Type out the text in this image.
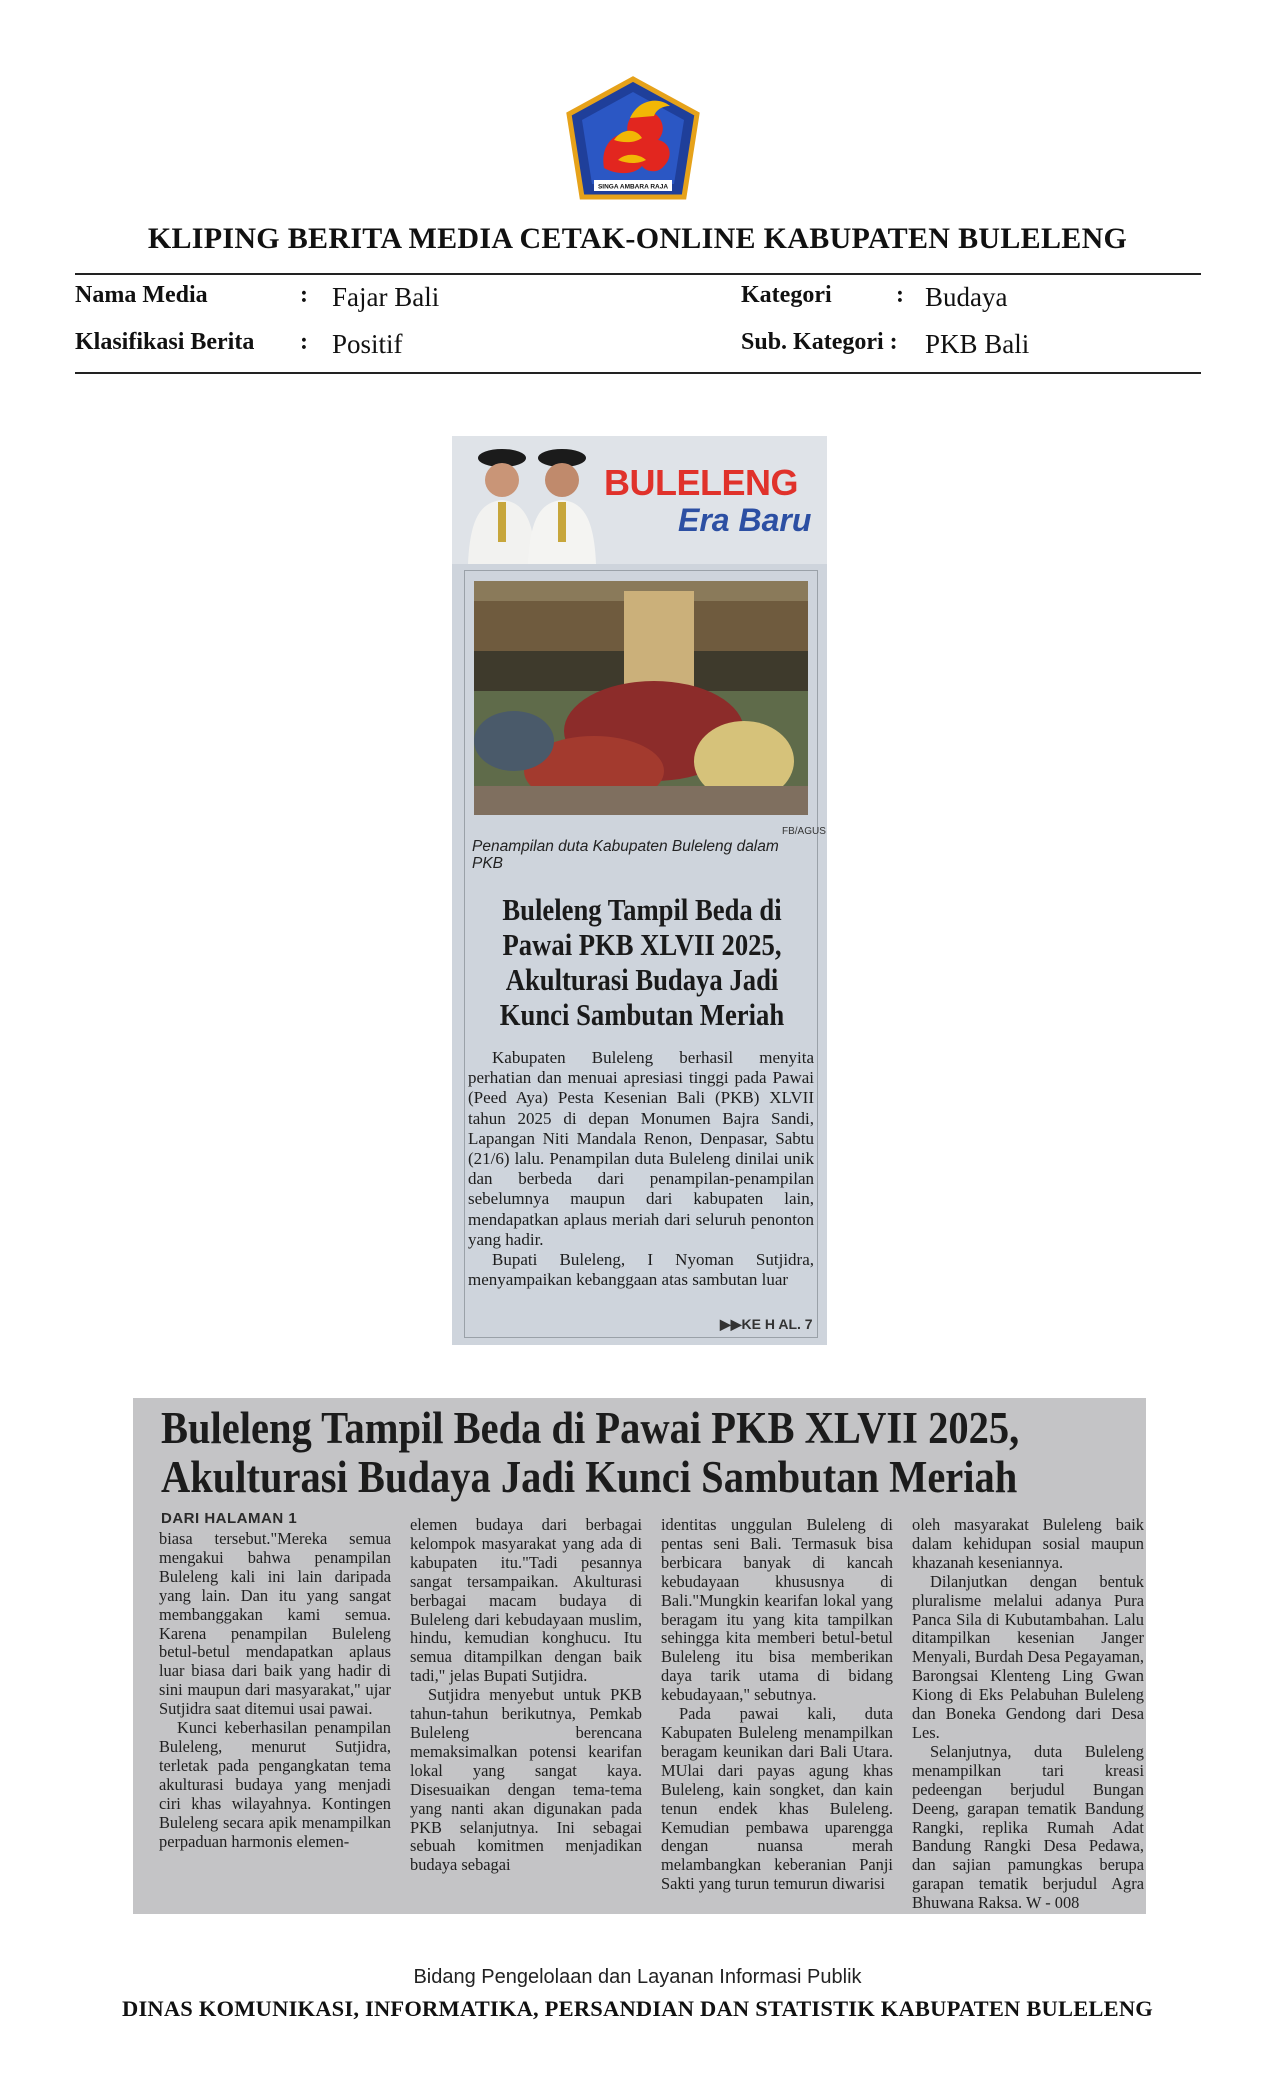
SINGA AMBARA RAJA
KLIPING BERITA MEDIA CETAK-ONLINE KABUPATEN BULELENG
Nama Media	: Fajar Bali	Kategori	: Budaya
Klasifikasi Berita : Positif	Sub. Kategori : PKB Bali
BULELENG
Era Baru
FB/AGUS
Penampilan duta Kabupaten Buleleng dalam PKB
Buleleng Tampil Beda di Pawai PKB XLVII 2025, Akulturasi Budaya Jadi Kunci Sambutan Meriah

Kabupaten Buleleng berhasil menyita perhatian dan menuai apresiasi tinggi pada Pawai (Peed Aya) Pesta Kesenian Bali (PKB) XLVII tahun 2025 di depan Monumen Bajra Sandi, Lapangan Niti Mandala Renon, Denpasar, Sabtu (21/6) lalu. Penampilan duta Buleleng dinilai unik dan berbeda dari penampilan-penampilan sebelumnya maupun dari kabupaten lain, mendapatkan aplaus meriah dari seluruh penonton yang hadir.

Bupati Buleleng, I Nyoman Sutjidra, menyampaikan kebanggaan atas sambutan luar

▶▶KE H AL. 7
Buleleng Tampil Beda di Pawai PKB XLVII 2025,
Akulturasi Budaya Jadi Kunci Sambutan Meriah
DARI HALAMAN 1

biasa tersebut."Mereka semua mengakui bahwa penampilan Buleleng kali ini lain daripada yang lain. Dan itu yang sangat membanggakan kami semua. Karena penampilan Buleleng betul-betul mendapatkan aplaus luar biasa dari baik yang hadir di sini maupun dari masyarakat," ujar Sutjidra saat ditemui usai pawai.

Kunci keberhasilan penampilan Buleleng, menurut Sutjidra, terletak pada pengangkatan tema akulturasi budaya yang menjadi ciri khas wilayahnya. Kontingen Buleleng secara apik menampilkan perpaduan harmonis elemen-

elemen budaya dari berbagai kelompok masyarakat yang ada di kabupaten itu."Tadi pesannya sangat tersampaikan. Akulturasi berbagai macam budaya di Buleleng dari kebudayaan muslim, hindu, kemudian konghucu. Itu semua ditampilkan dengan baik tadi," jelas Bupati Sutjidra.

Sutjidra menyebut untuk PKB tahun-tahun berikutnya, Pemkab Buleleng berencana memaksimalkan potensi kearifan lokal yang sangat kaya. Disesuaikan dengan tema-tema yang nanti akan digunakan pada PKB selanjutnya. Ini sebagai sebuah komitmen menjadikan budaya sebagai

identitas unggulan Buleleng di pentas seni Bali. Termasuk bisa berbicara banyak di kancah kebudayaan khususnya di Bali."Mungkin kearifan lokal yang beragam itu yang kita tampilkan sehingga kita memberi betul-betul Buleleng itu bisa memberikan daya tarik utama di bidang kebudayaan," sebutnya.

Pada pawai kali, duta Kabupaten Buleleng menampilkan beragam keunikan dari Bali Utara. MUlai dari payas agung khas Buleleng, kain songket, dan kain tenun endek khas Buleleng. Kemudian pembawa uparengga dengan nuansa merah melambangkan keberanian Panji Sakti yang turun temurun diwarisi

oleh masyarakat Buleleng baik dalam kehidupan sosial maupun khazanah keseniannya.

Dilanjutkan dengan bentuk pluralisme melalui adanya Pura Panca Sila di Kubutambahan. Lalu ditampilkan kesenian Janger Menyali, Burdah Desa Pegayaman, Barongsai Klenteng Ling Gwan Kiong di Eks Pelabuhan Buleleng dan Boneka Gendong dari Desa Les.

Selanjutnya, duta Buleleng menampilkan tari kreasi pedeengan berjudul Bungan Deeng, garapan tematik Bandung Rangki, replika Rumah Adat Bandung Rangki Desa Pedawa, dan sajian pamungkas berupa garapan tematik berjudul Agra Bhuwana Raksa. W - 008

Bidang Pengelolaan dan Layanan Informasi Publik
DINAS KOMUNIKASI, INFORMATIKA, PERSANDIAN DAN STATISTIK KABUPATEN BULELENG
